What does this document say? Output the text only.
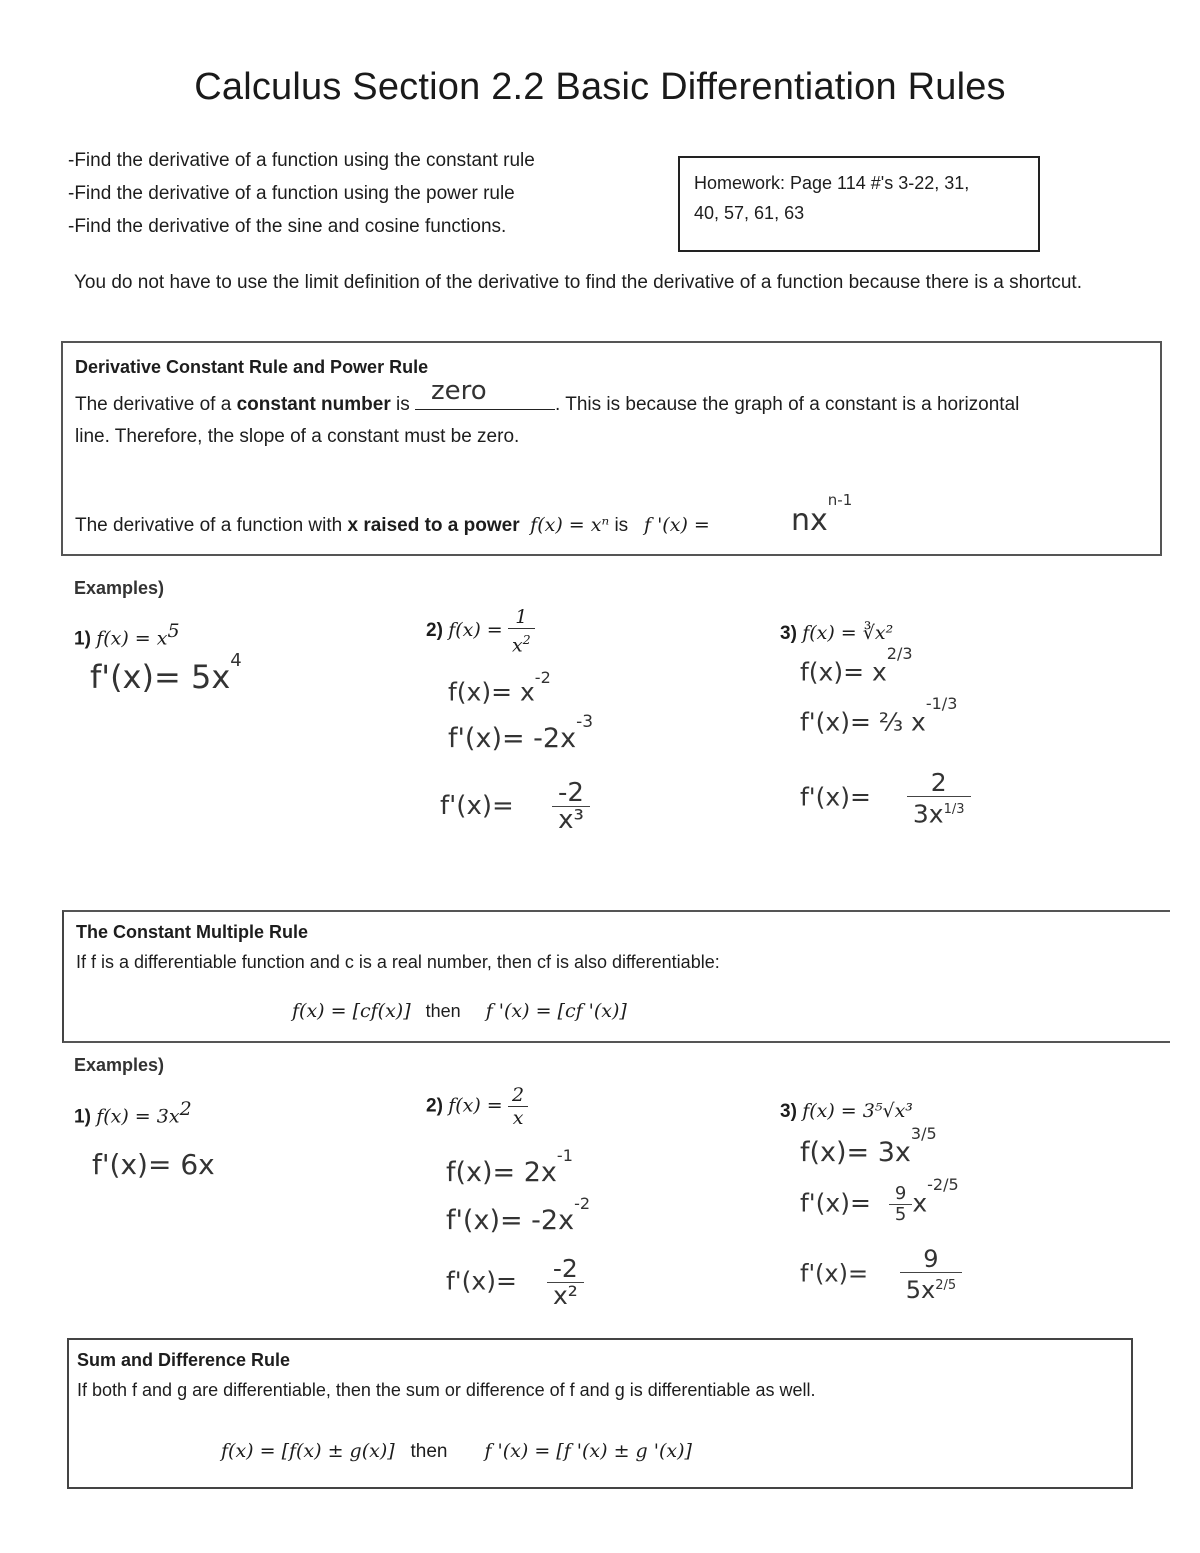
Calculus Section 2.2 Basic Differentiation Rules
-Find the derivative of a function using the constant rule
-Find the derivative of a function using the power rule
-Find the derivative of the sine and cosine functions.
Homework: Page 114 #'s 3-22, 31,
40, 57, 61, 63
You do not have to use the limit definition of the derivative to find the derivative of a function because there is a shortcut.
Derivative Constant Rule and Power Rule
The derivative of a constant number is zero	. This is because the graph of a constant is a horizontal
line. Therefore, the slope of a constant must be zero.
The derivative of a function with x raised to a power f(x) = xⁿ is   f '(x) =	$nx^{n-1}$
Examples)
1) $f(x) = x^5$
$f'(x)= 5x^4$
2) $f(x) = \frac{1}{x^2}$
$f(x)= x^{-2}$
$f'(x)= -2x^{-3}$
$f'(x)= \frac{-2}{\text{x³}}$
3) f(x) = ∛x²
$f(x)= x^{2/3}$
f'(x)= ⅔ $x^{-1/3}$
$f'(x)= \frac{2}{3x^{1/3}}$
The Constant Multiple Rule
If f is a differentiable function and c is a real number, then cf is also differentiable:
f(x) = [cf(x)] then f '(x) = [cf '(x)]
Examples)
1) $f(x) = 3x^2$
f'(x)= 6x
2) $f(x) = \frac{2}{x}$
$f(x)= 2x^{-1}$
$f'(x)= -2x^{-2}$
$f'(x)= \frac{-2}{\text{x²}}$
3) f(x) = 3⁵√x³
$f(x)= 3x^{3/5}$
$f'(x)= \frac{9}{5} x^{-2/5}$
$f'(x)= \frac{9}{5x^{2/5}}$
Sum and Difference Rule
If both f and g are differentiable, then the sum or difference of f and g is differentiable as well.
f(x) = [f(x) ± g(x)] then f '(x) = [f '(x) ± g '(x)]
